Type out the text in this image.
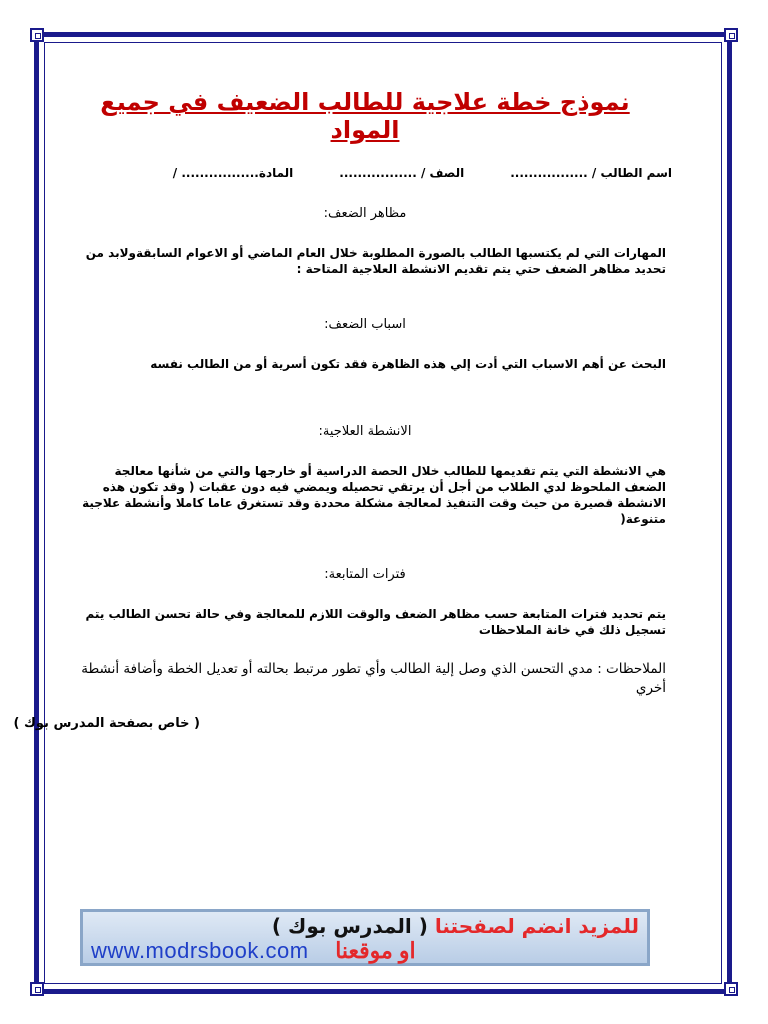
نموذج خطة علاجية للطالب الضعيف في جميع المواد
اسم الطالب / .................
الصف / .................
المادة................. /
مظاهر الضعف:
المهارات التي لم يكتسبها الطالب بالصورة المطلوبة خلال العام الماضي أو الاعوام السابقةولابد من تحديد مظاهر الضعف حتي يتم تقديم الانشطة العلاجية المتاحة :
اسباب الضعف:
البحث عن أهم الاسباب التي أدت إلي هذه الظاهرة فقد تكون أسرية أو من الطالب نفسه
الانشطة العلاجية:
هي الانشطة التي يتم تقديمها للطالب خلال الحصة الدراسية أو خارجها والتي من شأنها معالجة الضعف الملحوظ لدي الطلاب من أجل أن يرتقي تحصيله ويمضي فيه دون عقبات ( وقد تكون هذه الانشطة قصيرة من حيث وقت التنفيذ لمعالجة مشكلة محددة وقد تستغرق عاما كاملا وأنشطة علاجية متنوعة(
فترات المتابعة:
يتم تحديد فترات المتابعة حسب مظاهر الضعف والوقت اللازم للمعالجة وفي حالة تحسن الطالب يتم تسجيل ذلك في خانة الملاحظات
الملاحظات : مدي التحسن الذي وصل إلية الطالب وأي تطور مرتبط بحالته أو تعديل الخطة وأضافة أنشطة أخري
( خاص بصفحة المدرس بوك )
للمزيد انضم لصفحتنا ( المدرس بوك )
www.modrsbook.com او موقعنا
